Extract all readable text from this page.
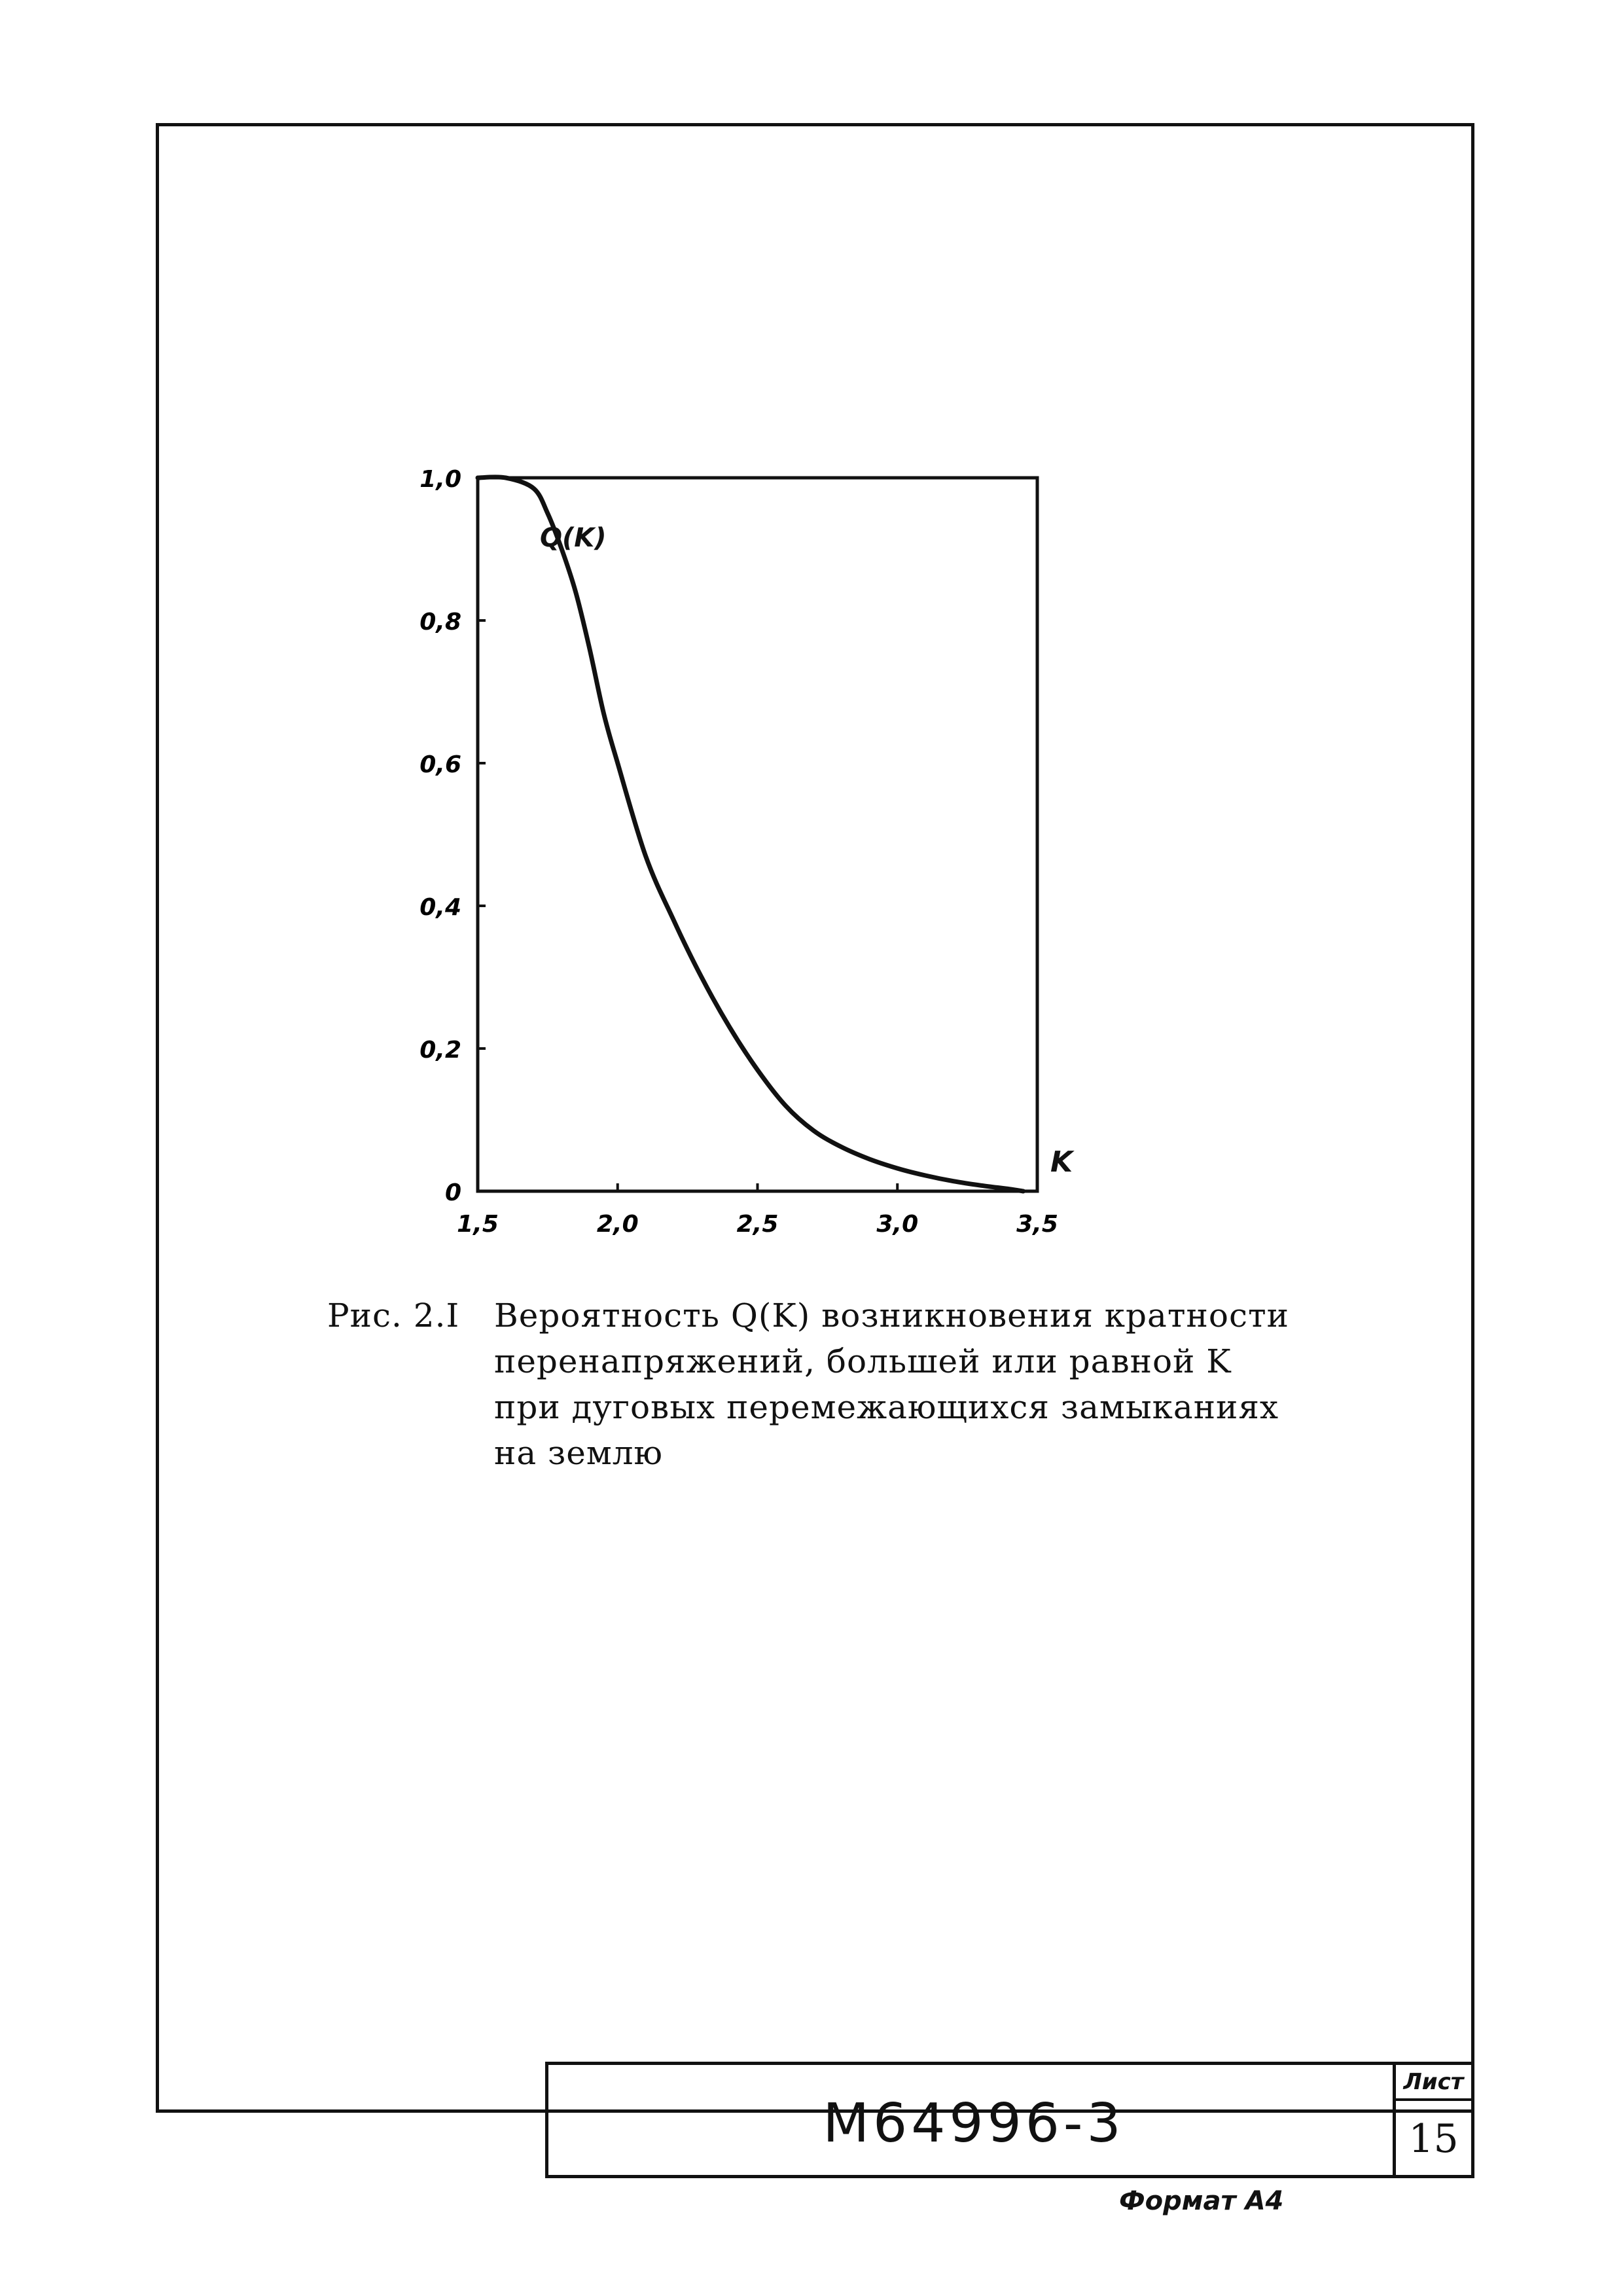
1,0
0,8
0,6
0,4
0,2
0
1,5	2,0	2,5	3,0	3,5
Q(K)
K
Рис. 2.I Вероятность Q(K) возникновения кратности
перенапряжений, большей или равной K
при дуговых перемежающихся замыканиях
на землю
М64996-3
Лист
15
Формат А4
